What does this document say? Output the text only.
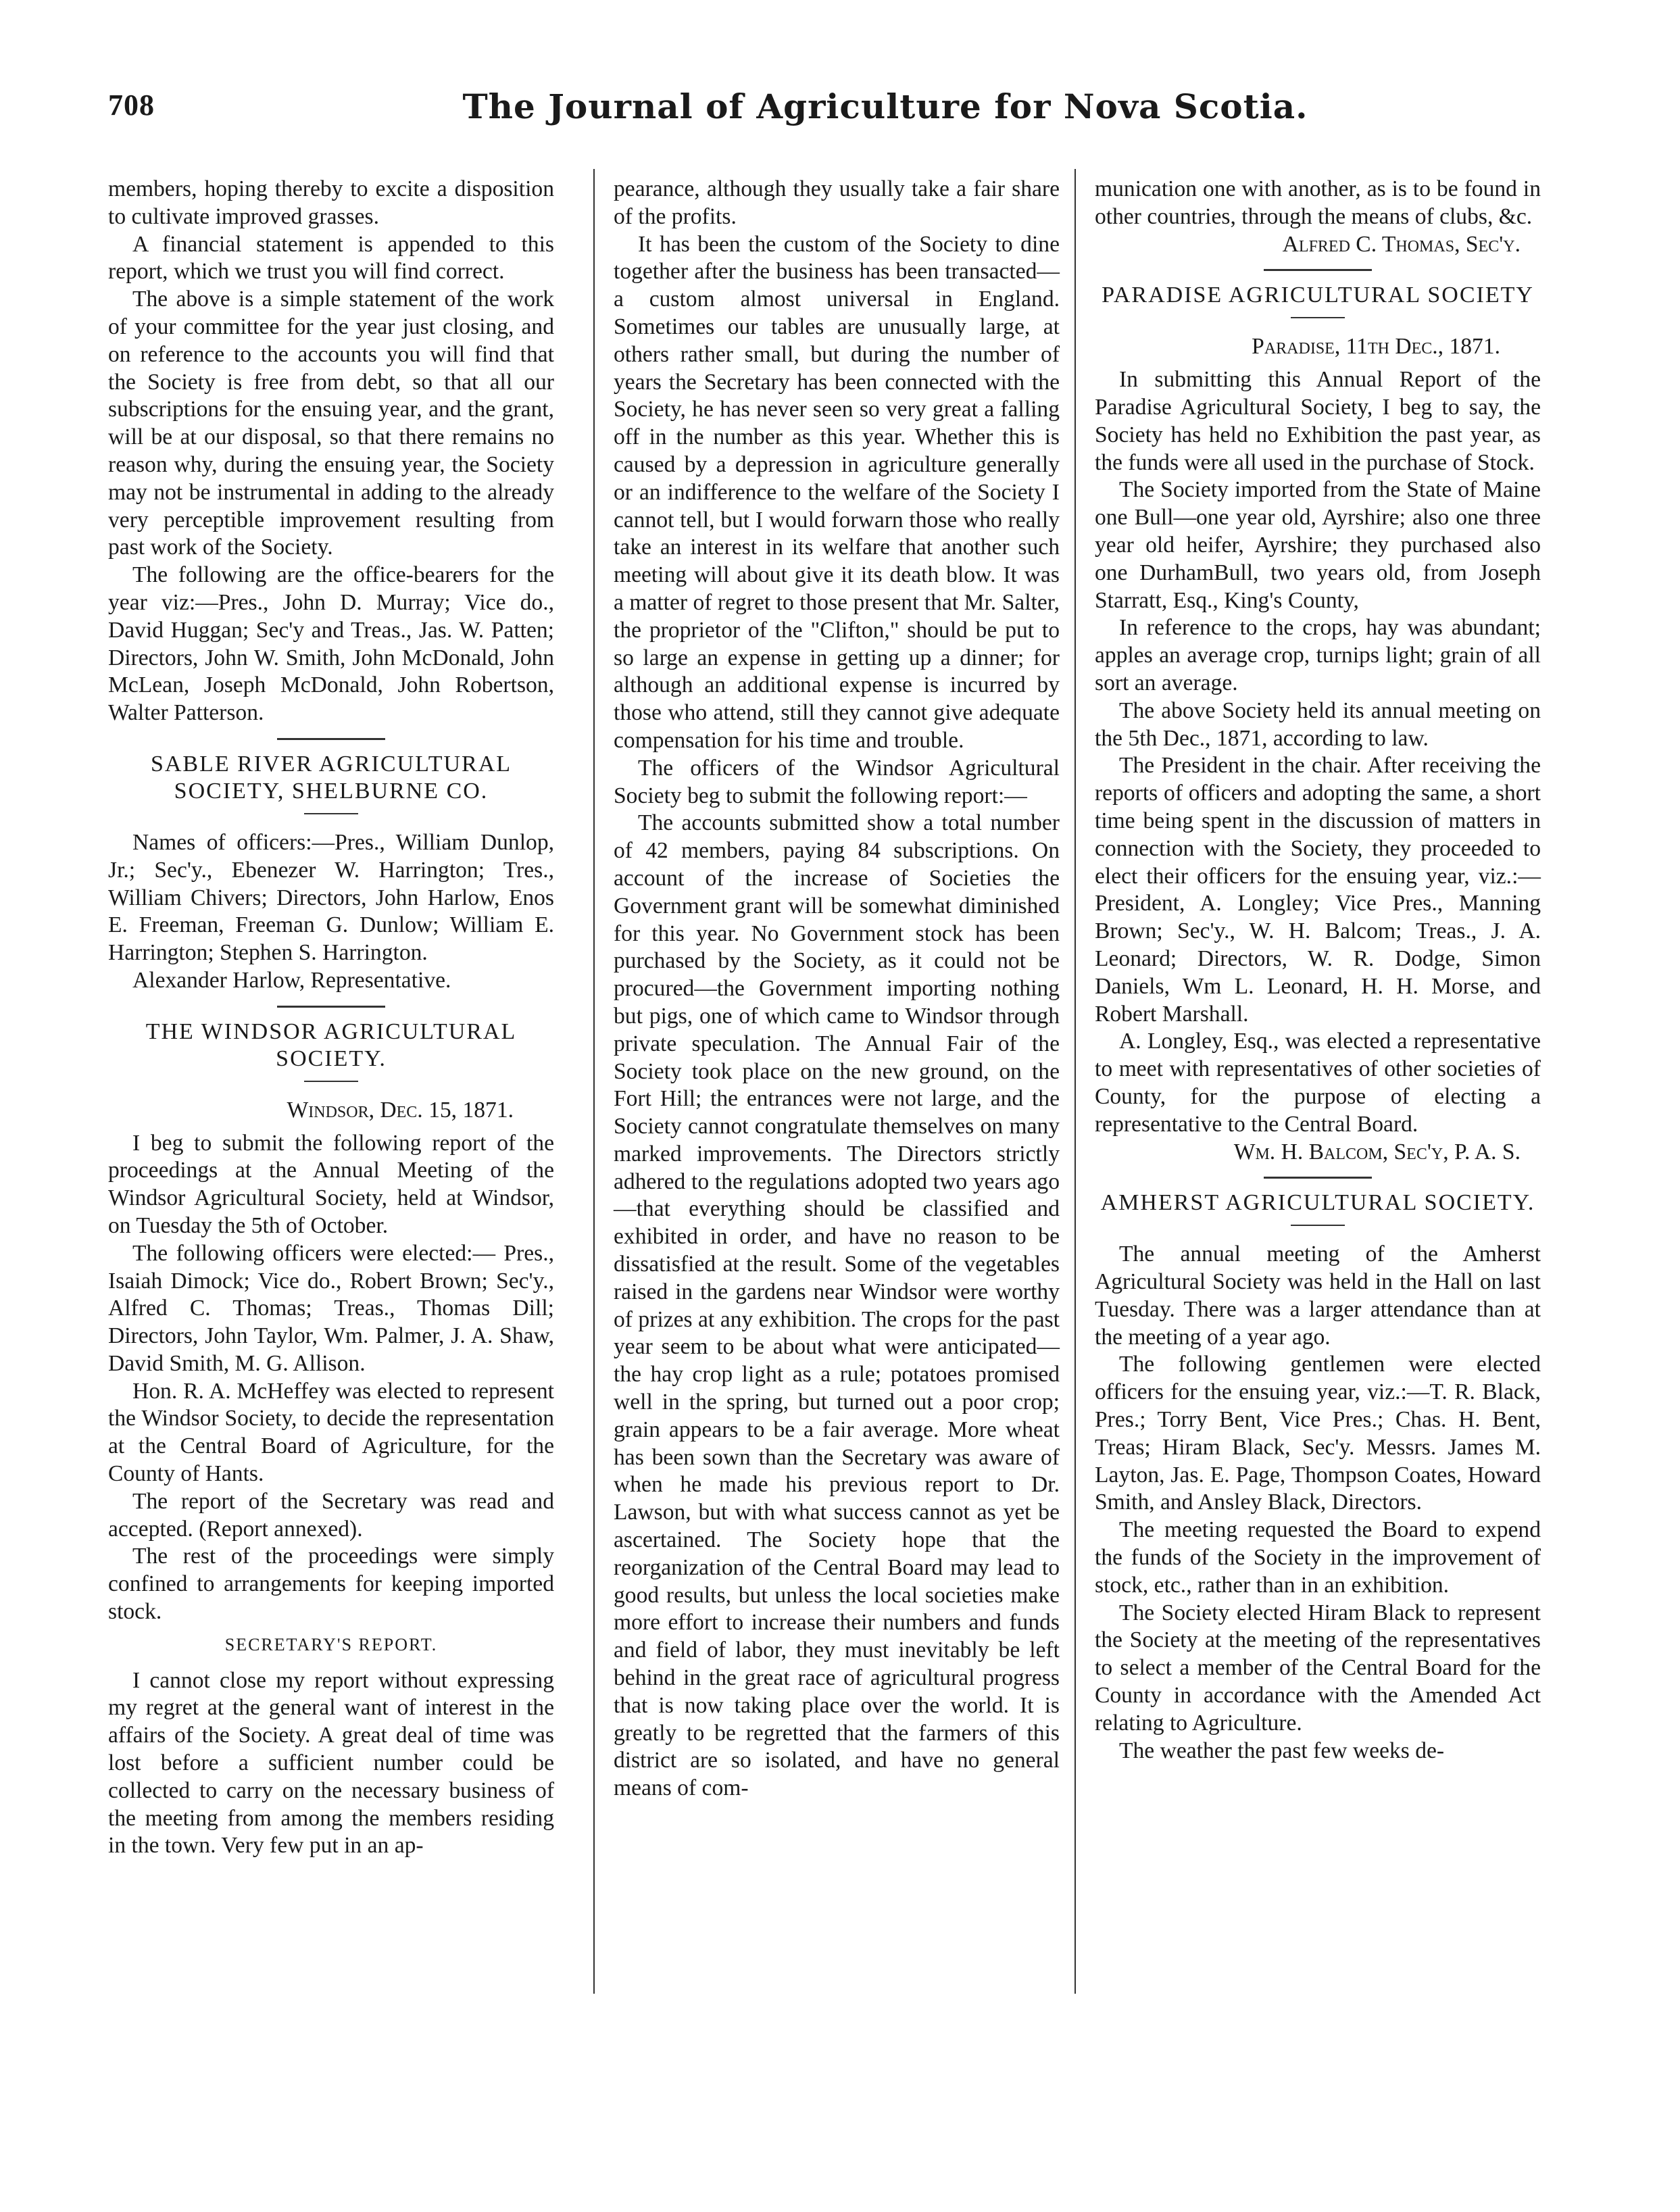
708	The Journal of Agriculture for Nova Scotia.

members, hoping thereby to excite a disposition to cultivate improved grasses.

A financial statement is appended to this report, which we trust you will find correct.

The above is a simple statement of the work of your committee for the year just closing, and on reference to the accounts you will find that the Society is free from debt, so that all our subscriptions for the ensuing year, and the grant, will be at our disposal, so that there remains no reason why, during the ensuing year, the Society may not be instrumental in adding to the already very perceptible improvement resulting from past work of the Society.

The following are the office-bearers for the year viz:—Pres., John D. Murray; Vice do., David Huggan; Sec'y and Treas., Jas. W. Patten; Directors, John W. Smith, John McDonald, John McLean, Joseph McDonald, John Robertson, Walter Patterson.

SABLE RIVER AGRICULTURAL SOCIETY, SHELBURNE CO.

Names of officers:—Pres., William Dunlop, Jr.; Sec'y., Ebenezer W. Harrington; Tres., William Chivers; Directors, John Harlow, Enos E. Freeman, Freeman G. Dunlow; William E. Harrington; Stephen S. Harrington.

Alexander Harlow, Representative.

THE WINDSOR AGRICULTURAL SOCIETY.

Windsor, Dec. 15, 1871.

I beg to submit the following report of the proceedings at the Annual Meeting of the Windsor Agricultural Society, held at Windsor, on Tuesday the 5th of October.

The following officers were elected:— Pres., Isaiah Dimock; Vice do., Robert Brown; Sec'y., Alfred C. Thomas; Treas., Thomas Dill; Directors, John Taylor, Wm. Palmer, J. A. Shaw, David Smith, M. G. Allison.

Hon. R. A. McHeffey was elected to represent the Windsor Society, to decide the representation at the Central Board of Agriculture, for the County of Hants.

The report of the Secretary was read and accepted. (Report annexed).

The rest of the proceedings were simply confined to arrangements for keeping imported stock.

SECRETARY'S REPORT.

I cannot close my report without expressing my regret at the general want of interest in the affairs of the Society. A great deal of time was lost before a sufficient number could be collected to carry on the necessary business of the meeting from among the members residing in the town. Very few put in an ap-

pearance, although they usually take a fair share of the profits.

It has been the custom of the Society to dine together after the business has been transacted—a custom almost universal in England. Sometimes our tables are unusually large, at others rather small, but during the number of years the Secretary has been connected with the Society, he has never seen so very great a falling off in the number as this year. Whether this is caused by a depression in agriculture generally or an indifference to the welfare of the Society I cannot tell, but I would forwarn those who really take an interest in its welfare that another such meeting will about give it its death blow. It was a matter of regret to those present that Mr. Salter, the proprietor of the "Clifton," should be put to so large an expense in getting up a dinner; for although an additional expense is incurred by those who attend, still they cannot give adequate compensation for his time and trouble.

The officers of the Windsor Agricultural Society beg to submit the following report:—

The accounts submitted show a total number of 42 members, paying 84 subscriptions. On account of the increase of Societies the Government grant will be somewhat diminished for this year. No Government stock has been purchased by the Society, as it could not be procured—the Government importing nothing but pigs, one of which came to Windsor through private speculation. The Annual Fair of the Society took place on the new ground, on the Fort Hill; the entrances were not large, and the Society cannot congratulate themselves on many marked improvements. The Directors strictly adhered to the regulations adopted two years ago—that everything should be classified and exhibited in order, and have no reason to be dissatisfied at the result. Some of the vegetables raised in the gardens near Windsor were worthy of prizes at any exhibition. The crops for the past year seem to be about what were anticipated— the hay crop light as a rule; potatoes promised well in the spring, but turned out a poor crop; grain appears to be a fair average. More wheat has been sown than the Secretary was aware of when he made his previous report to Dr. Lawson, but with what success cannot as yet be ascertained. The Society hope that the reorganization of the Central Board may lead to good results, but unless the local societies make more effort to increase their numbers and funds and field of labor, they must inevitably be left behind in the great race of agricultural progress that is now taking place over the world. It is greatly to be regretted that the farmers of this district are so isolated, and have no general means of com-

munication one with another, as is to be found in other countries, through the means of clubs, &c.

Alfred C. Thomas, Sec'y.

PARADISE AGRICULTURAL SOCIETY

Paradise, 11th Dec., 1871.

In submitting this Annual Report of the Paradise Agricultural Society, I beg to say, the Society has held no Exhibition the past year, as the funds were all used in the purchase of Stock.

The Society imported from the State of Maine one Bull—one year old, Ayrshire; also one three year old heifer, Ayrshire; they purchased also one DurhamBull, two years old, from Joseph Starratt, Esq., King's County,

In reference to the crops, hay was abundant; apples an average crop, turnips light; grain of all sort an average.

The above Society held its annual meeting on the 5th Dec., 1871, according to law.

The President in the chair. After receiving the reports of officers and adopting the same, a short time being spent in the discussion of matters in connection with the Society, they proceeded to elect their officers for the ensuing year, viz.:— President, A. Longley; Vice Pres., Manning Brown; Sec'y., W. H. Balcom; Treas., J. A. Leonard; Directors, W. R. Dodge, Simon Daniels, Wm L. Leonard, H. H. Morse, and Robert Marshall.

A. Longley, Esq., was elected a representative to meet with representatives of other societies of County, for the purpose of electing a representative to the Central Board.

Wm. H. Balcom, Sec'y, P. A. S.

AMHERST AGRICULTURAL SOCIETY.

The annual meeting of the Amherst Agricultural Society was held in the Hall on last Tuesday. There was a larger attendance than at the meeting of a year ago.

The following gentlemen were elected officers for the ensuing year, viz.:—T. R. Black, Pres.; Torry Bent, Vice Pres.; Chas. H. Bent, Treas; Hiram Black, Sec'y. Messrs. James M. Layton, Jas. E. Page, Thompson Coates, Howard Smith, and Ansley Black, Directors.

The meeting requested the Board to expend the funds of the Society in the improvement of stock, etc., rather than in an exhibition.

The Society elected Hiram Black to represent the Society at the meeting of the representatives to select a member of the Central Board for the County in accordance with the Amended Act relating to Agriculture.

The weather the past few weeks de-
